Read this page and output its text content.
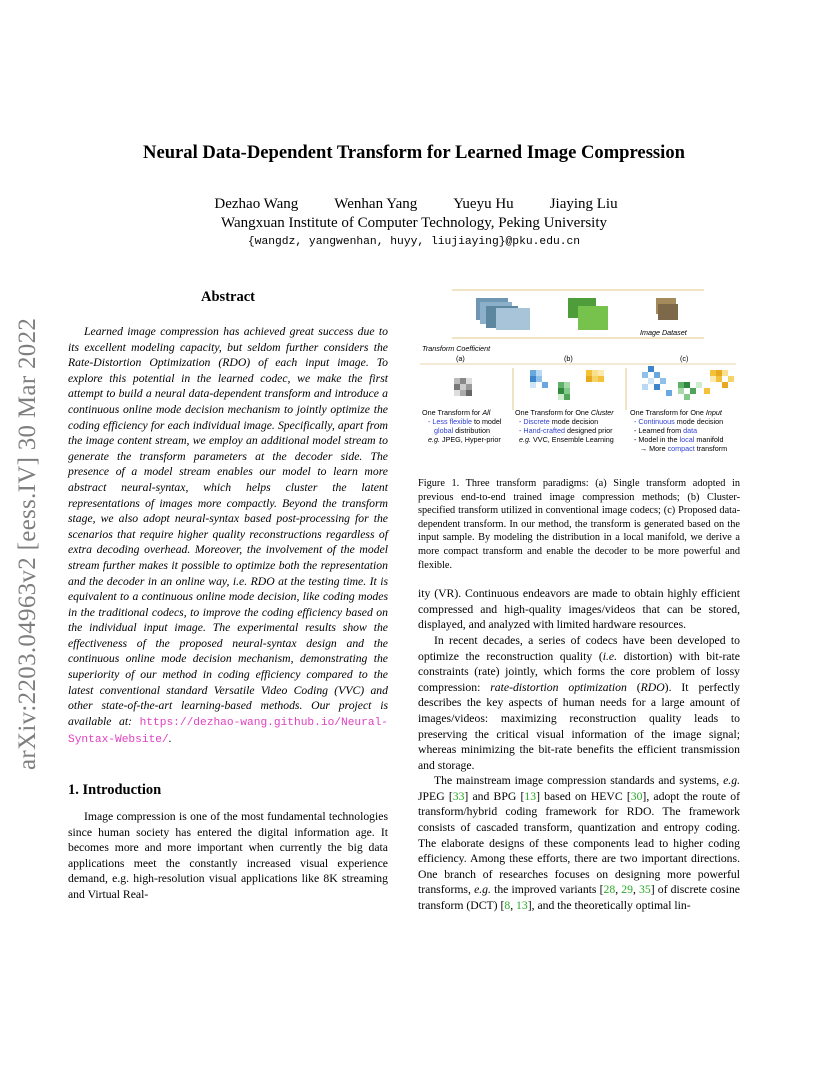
Neural Data-Dependent Transform for Learned Image Compression
Dezhao Wang Wenhan Yang Yueyu Hu Jiaying Liu
Wangxuan Institute of Computer Technology, Peking University
{wangdz, yangwenhan, huyy, liujiaying}@pku.edu.cn
arXiv:2203.04963v2 [eess.IV] 30 Mar 2022
Abstract

Learned image compression has achieved great success due to its excellent modeling capacity, but seldom further considers the Rate-Distortion Optimization (RDO) of each input image. To explore this potential in the learned codec, we make the first attempt to build a neural data-dependent transform and introduce a continuous online mode decision mechanism to jointly optimize the coding efficiency for each individual image. Specifically, apart from the image content stream, we employ an additional model stream to generate the transform parameters at the decoder side. The presence of a model stream enables our model to learn more abstract neural-syntax, which helps cluster the latent representations of images more compactly. Beyond the transform stage, we also adopt neural-syntax based post-processing for the scenarios that require higher quality reconstructions regardless of extra decoding overhead. Moreover, the involvement of the model stream further makes it possible to optimize both the representation and the decoder in an online way, i.e. RDO at the testing time. It is equivalent to a continuous online mode decision, like coding modes in the traditional codecs, to improve the coding efficiency based on the individual input image. The experimental results show the effectiveness of the proposed neural-syntax design and the continuous online mode decision mechanism, demonstrating the superiority of our method in coding efficiency compared to the latest conventional standard Versatile Video Coding (VVC) and other state-of-the-art learning-based methods. Our project is available at: https://dezhao-wang.github.io/Neural-Syntax-Website/.

1. Introduction

Image compression is one of the most fundamental technologies since human society has entered the digital information age. It becomes more and more important when currently the big data applications meet the constantly increased visual experience demand, e.g. high-resolution visual applications like 8K streaming and Virtual Real-

Image Dataset
Transform Coefficient
(a)	(b)	(c)
One Transform for All
- Less flexible to model
global distribution
e.g. JPEG, Hyper-prior
One Transform for One Cluster
- Discrete mode decision
- Hand-crafted designed prior
e.g. VVC, Ensemble Learning
One Transform for One Input
- Continuous mode decision
- Learned from data
- Model in the local manifold
→ More compact transform

Figure 1. Three transform paradigms: (a) Single transform adopted in previous end-to-end trained image compression methods; (b) Cluster-specified transform utilized in conventional image codecs; (c) Proposed data-dependent transform. In our method, the transform is generated based on the input sample. By modeling the distribution in a local manifold, we derive a more compact transform and enable the decoder to be more powerful and flexible.

ity (VR). Continuous endeavors are made to obtain highly efficient compressed and high-quality images/videos that can be stored, displayed, and analyzed with limited hardware resources.

In recent decades, a series of codecs have been developed to optimize the reconstruction quality (i.e. distortion) with bit-rate constraints (rate) jointly, which forms the core problem of lossy compression: rate-distortion optimization (RDO). It perfectly describes the key aspects of human needs for a large amount of images/videos: maximizing reconstruction quality leads to preserving the critical visual information of the image signal; whereas minimizing the bit-rate benefits the efficient transmission and storage.

The mainstream image compression standards and systems, e.g. JPEG [33] and BPG [13] based on HEVC [30], adopt the route of transform/hybrid coding framework for RDO. The framework consists of cascaded transform, quantization and entropy coding. The elaborate designs of these components lead to higher coding efficiency. Among these efforts, there are two important directions. One branch of researches focuses on designing more powerful transforms, e.g. the improved variants [28, 29, 35] of discrete cosine transform (DCT) [8, 13], and the theoretically optimal lin-
